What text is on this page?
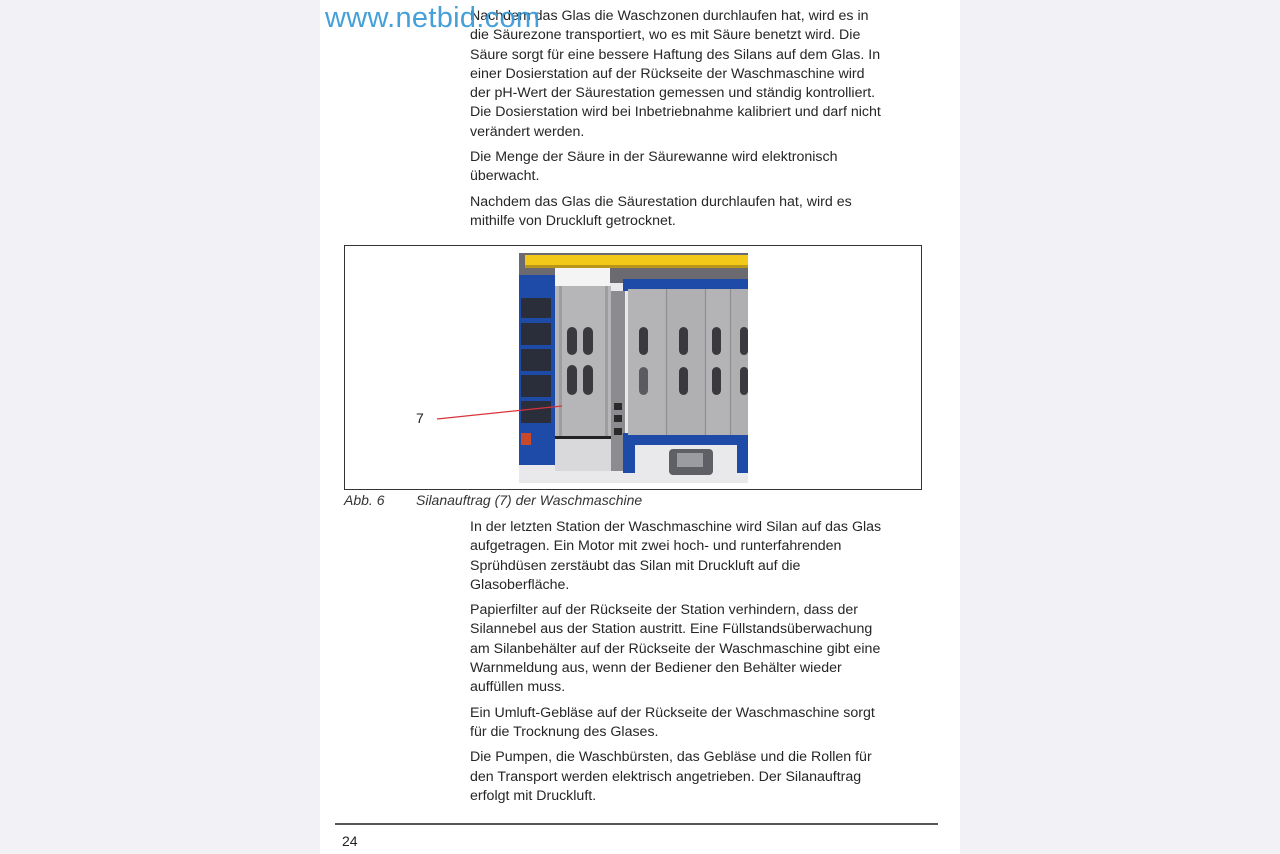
www.netbid.com

Nachdem das Glas die Waschzonen durchlaufen hat, wird es in
die Säurezone transportiert, wo es mit Säure benetzt wird. Die
Säure sorgt für eine bessere Haftung des Silans auf dem Glas. In
einer Dosierstation auf der Rückseite der Waschmaschine wird
der pH-Wert der Säurestation gemessen und ständig kontrolliert.
Die Dosierstation wird bei Inbetriebnahme kalibriert und darf nicht
verändert werden.

Die Menge der Säure in der Säurewanne wird elektronisch
überwacht.

Nachdem das Glas die Säurestation durchlaufen hat, wird es
mithilfe von Druckluft getrocknet.

7
Abb. 6 Silanauftrag (7) der Waschmaschine

In der letzten Station der Waschmaschine wird Silan auf das Glas
aufgetragen. Ein Motor mit zwei hoch- und runterfahrenden
Sprühdüsen zerstäubt das Silan mit Druckluft auf die
Glasoberfläche.

Papierfilter auf der Rückseite der Station verhindern, dass der
Silannebel aus der Station austritt. Eine Füllstandsüberwachung
am Silanbehälter auf der Rückseite der Waschmaschine gibt eine
Warnmeldung aus, wenn der Bediener den Behälter wieder
auffüllen muss.

Ein Umluft-Gebläse auf der Rückseite der Waschmaschine sorgt
für die Trocknung des Glases.

Die Pumpen, die Waschbürsten, das Gebläse und die Rollen für
den Transport werden elektrisch angetrieben. Der Silanauftrag
erfolgt mit Druckluft.

24
